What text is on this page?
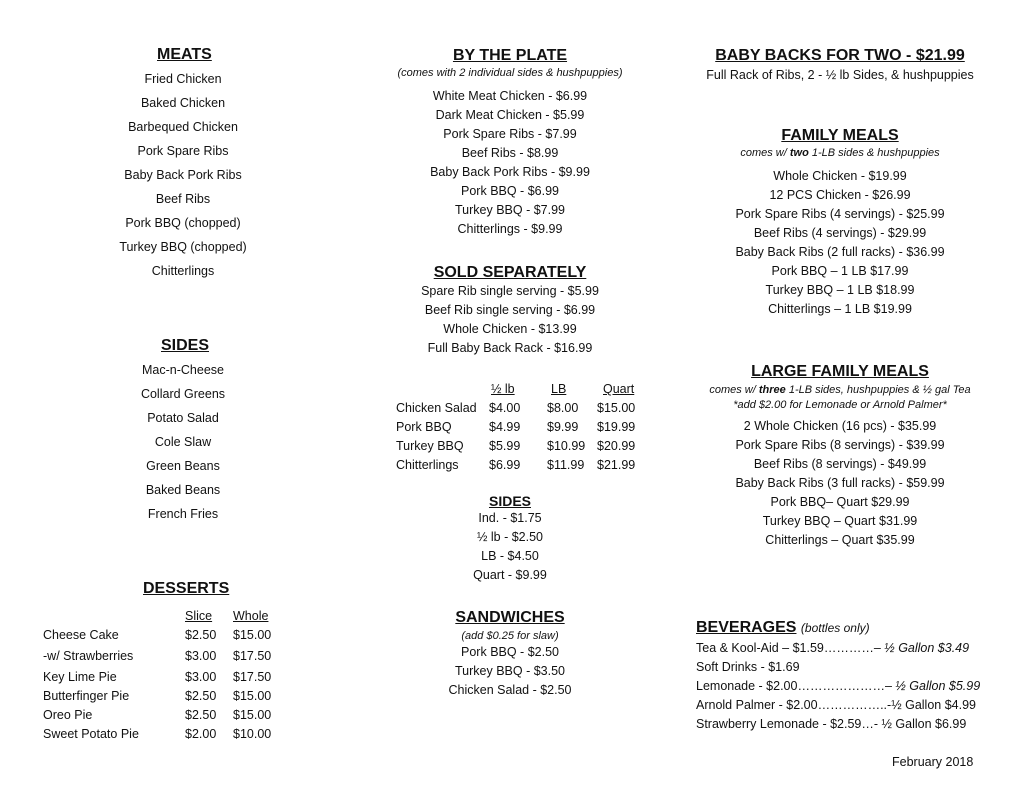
MEATS
Fried Chicken
Baked Chicken
Barbequed Chicken
Pork Spare Ribs
Baby Back Pork Ribs
Beef Ribs
Pork BBQ (chopped)
Turkey BBQ (chopped)
Chitterlings
SIDES
Mac-n-Cheese
Collard Greens
Potato Salad
Cole Slaw
Green Beans
Baked Beans
French Fries
DESSERTS
	Slice	Whole
Cheese Cake	$2.50	$15.00
-w/ Strawberries	$3.00	$17.50
Key Lime Pie	$3.00	$17.50
Butterfinger Pie	$2.50	$15.00
Oreo Pie	$2.50	$15.00
Sweet Potato Pie	$2.00	$10.00
BY THE PLATE
(comes with 2 individual sides & hushpuppies)
White Meat Chicken - $6.99
Dark Meat Chicken - $5.99
Pork Spare Ribs - $7.99
Beef Ribs - $8.99
Baby Back Pork Ribs - $9.99
Pork BBQ - $6.99
Turkey BBQ - $7.99
Chitterlings - $9.99
SOLD SEPARATELY
Spare Rib single serving - $5.99
Beef Rib single serving - $6.99
Whole Chicken - $13.99
Full Baby Back Rack - $16.99
	½ lb	LB	Quart
Chicken Salad	$4.00	$8.00	$15.00
Pork BBQ	$4.99	$9.99	$19.99
Turkey BBQ	$5.99	$10.99	$20.99
Chitterlings	$6.99	$11.99	$21.99
SIDES
Ind. - $1.75
½ lb - $2.50
LB - $4.50
Quart - $9.99
SANDWICHES
(add $0.25 for slaw)
Pork BBQ - $2.50
Turkey BBQ - $3.50
Chicken Salad - $2.50
BABY BACKS FOR TWO - $21.99
Full Rack of Ribs, 2 - ½ lb Sides, & hushpuppies
FAMILY MEALS
comes w/ two 1-LB sides & hushpuppies
Whole Chicken - $19.99
12 PCS Chicken - $26.99
Pork Spare Ribs (4 servings) - $25.99
Beef Ribs (4 servings) - $29.99
Baby Back Ribs (2 full racks) - $36.99
Pork BBQ – 1 LB $17.99
Turkey BBQ – 1 LB $18.99
Chitterlings – 1 LB $19.99
LARGE FAMILY MEALS
comes w/ three 1-LB sides, hushpuppies & ½ gal Tea
*add $2.00 for Lemonade or Arnold Palmer*
2 Whole Chicken (16 pcs) - $35.99
Pork Spare Ribs (8 servings) - $39.99
Beef Ribs (8 servings) - $49.99
Baby Back Ribs (3 full racks) - $59.99
Pork BBQ– Quart $29.99
Turkey BBQ – Quart $31.99
Chitterlings – Quart $35.99
BEVERAGES (bottles only)
Tea & Kool-Aid – $1.59…………– ½ Gallon $3.49
Soft Drinks - $1.69
Lemonade - $2.00…………………– ½ Gallon $5.99
Arnold Palmer - $2.00……………..-½ Gallon $4.99
Strawberry Lemonade - $2.59…- ½ Gallon $6.99
February 2018
